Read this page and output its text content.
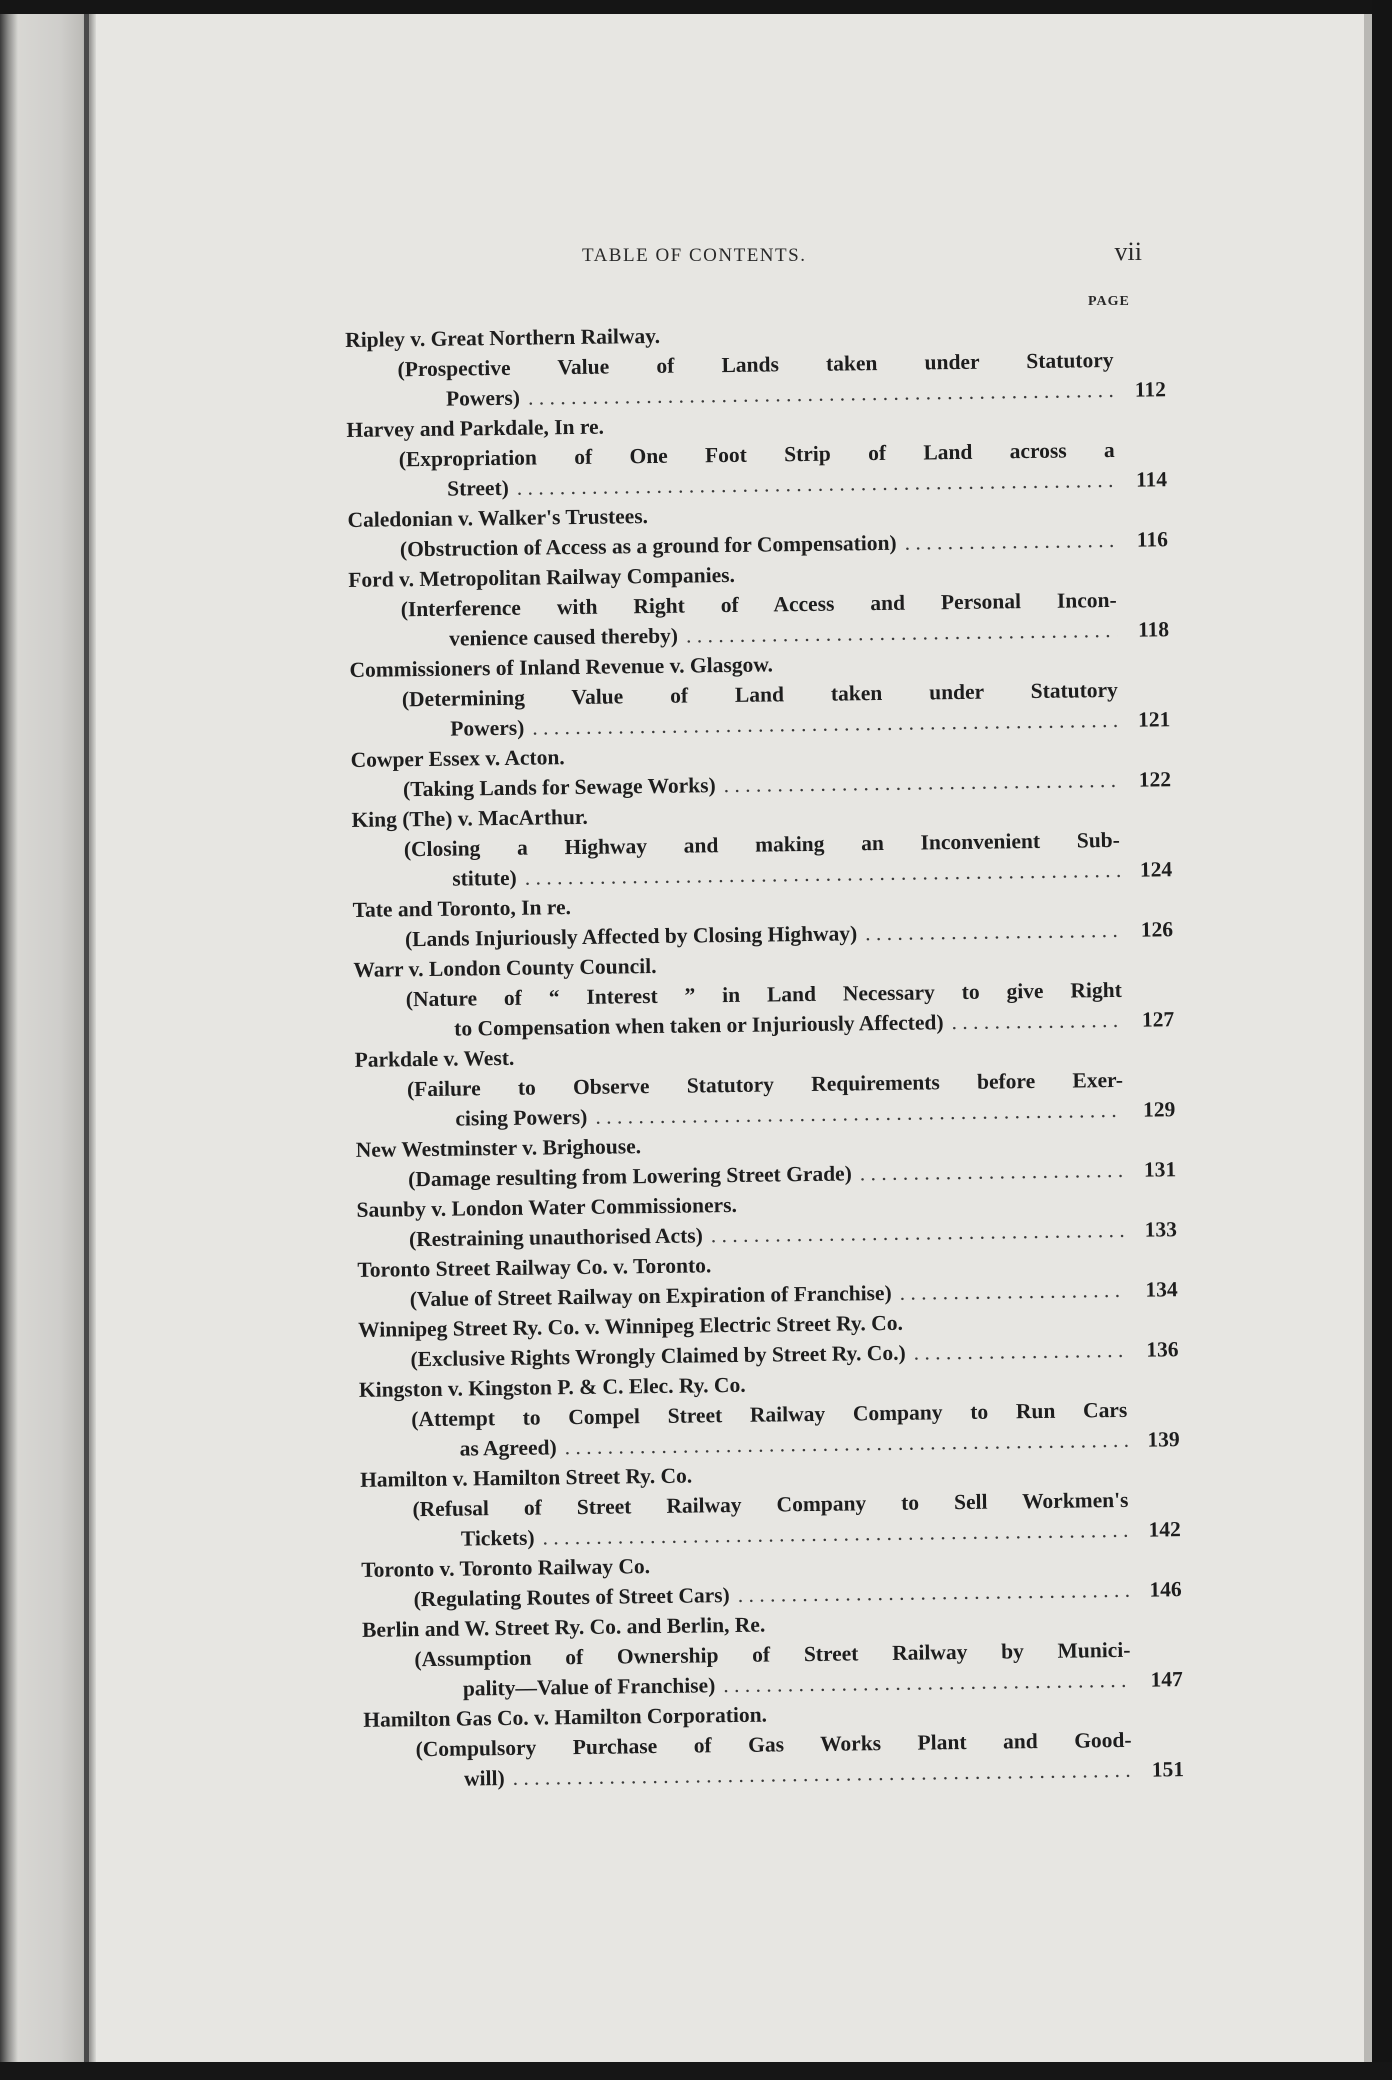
TABLE OF CONTENTS.	vii
PAGE
Ripley v. Great Northern Railway.
(Prospective Value of Lands taken under Statutory
Powers) . . .	112
Harvey and Parkdale, In re.
(Expropriation of One Foot Strip of Land across a
Street) . . .	114
Caledonian v. Walker's Trustees.
(Obstruction of Access as a ground for Compensation) . . .	116
Ford v. Metropolitan Railway Companies.
(Interference with Right of Access and Personal Incon-
venience caused thereby) . . .	118
Commissioners of Inland Revenue v. Glasgow.
(Determining Value of Land taken under Statutory
Powers) . . .	121
Cowper Essex v. Acton.
(Taking Lands for Sewage Works) . . .	122
King (The) v. MacArthur.
(Closing a Highway and making an Inconvenient Sub-
stitute) . . .	124
Tate and Toronto, In re.
(Lands Injuriously Affected by Closing Highway) . . .	126
Warr v. London County Council.
(Nature of “ Interest ” in Land Necessary to give Right
to Compensation when taken or Injuriously Affected) . . .	127
Parkdale v. West.
(Failure to Observe Statutory Requirements before Exer-
cising Powers) . . .	129
New Westminster v. Brighouse.
(Damage resulting from Lowering Street Grade) . . .	131
Saunby v. London Water Commissioners.
(Restraining unauthorised Acts) . . .	133
Toronto Street Railway Co. v. Toronto.
(Value of Street Railway on Expiration of Franchise) . . .	134
Winnipeg Street Ry. Co. v. Winnipeg Electric Street Ry. Co.
(Exclusive Rights Wrongly Claimed by Street Ry. Co.) . . .	136
Kingston v. Kingston P. & C. Elec. Ry. Co.
(Attempt to Compel Street Railway Company to Run Cars
as Agreed) . . .	139
Hamilton v. Hamilton Street Ry. Co.
(Refusal of Street Railway Company to Sell Workmen's
Tickets) . . .	142
Toronto v. Toronto Railway Co.
(Regulating Routes of Street Cars) . . .	146
Berlin and W. Street Ry. Co. and Berlin, Re.
(Assumption of Ownership of Street Railway by Munici-
pality—Value of Franchise) . . .	147
Hamilton Gas Co. v. Hamilton Corporation.
(Compulsory Purchase of Gas Works Plant and Good-
will) . . .	151
